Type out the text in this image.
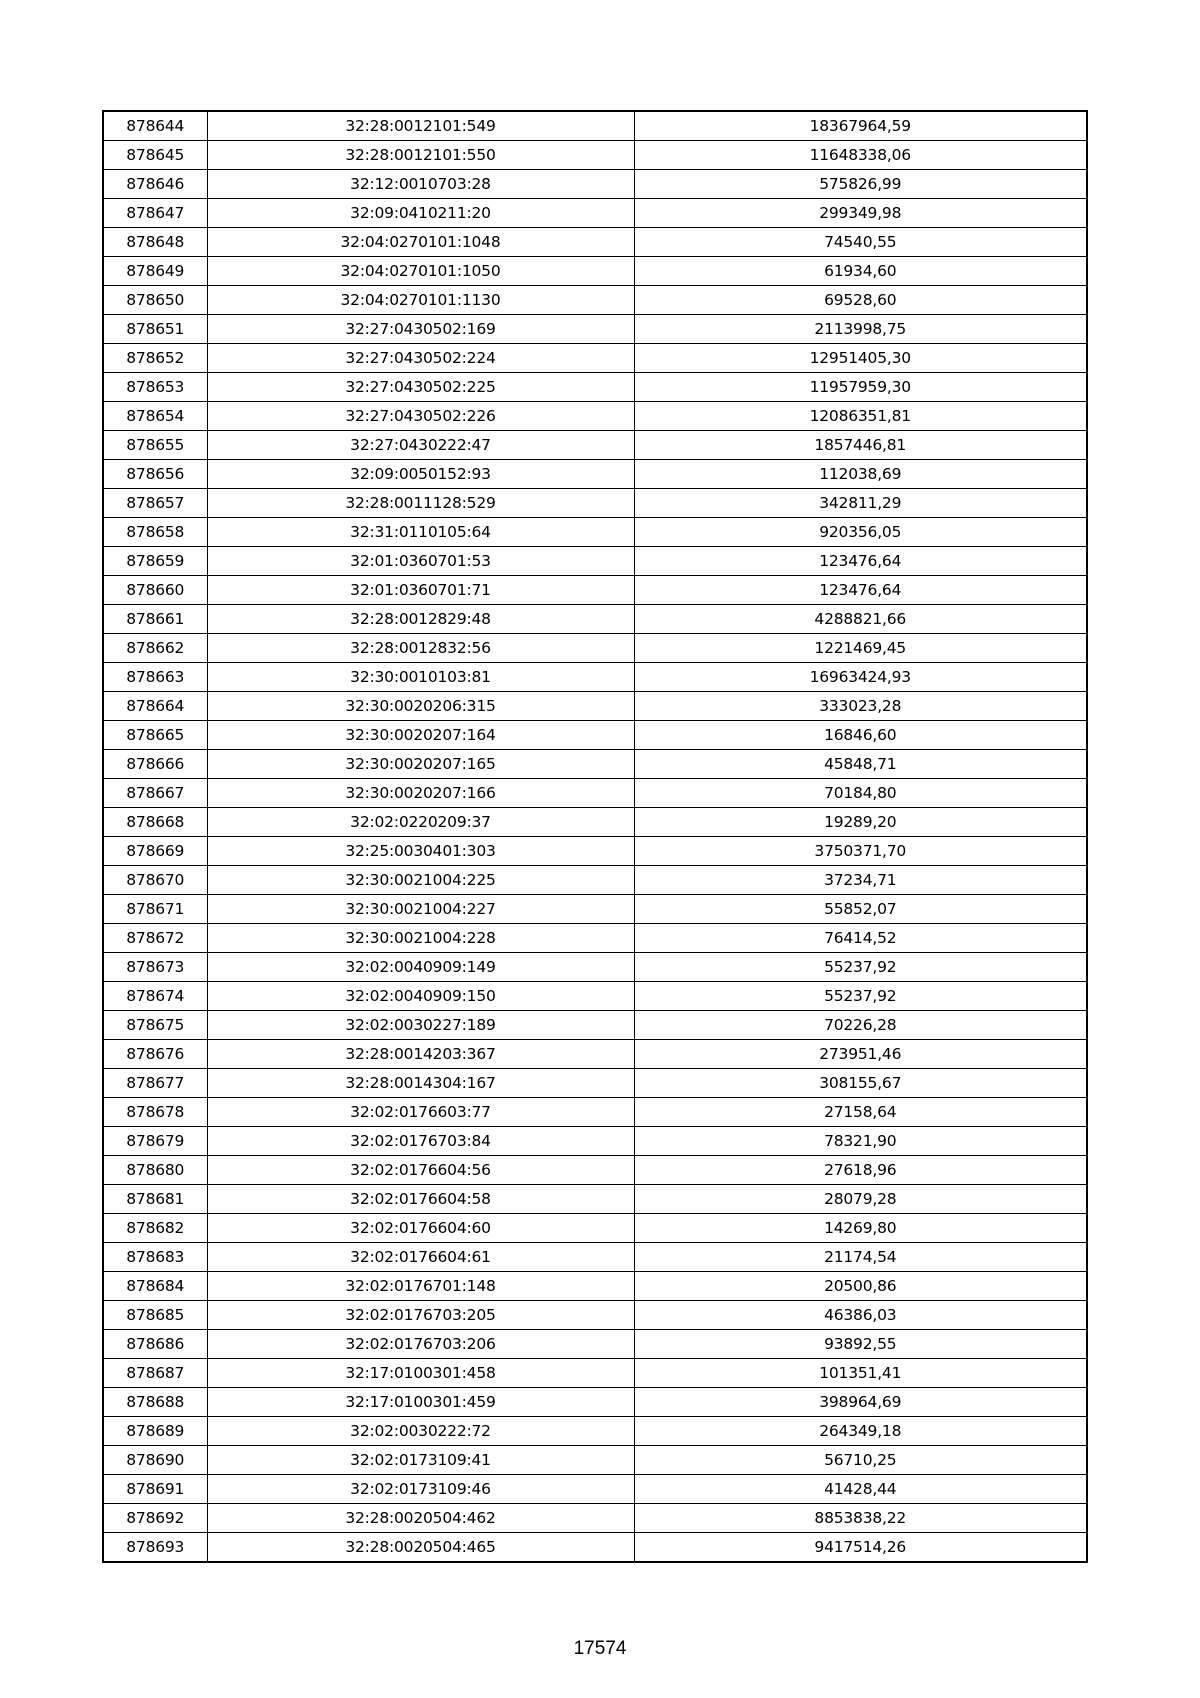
878644	32:28:0012101:549	18367964,59
878645	32:28:0012101:550	11648338,06
878646	32:12:0010703:28	575826,99
878647	32:09:0410211:20	299349,98
878648	32:04:0270101:1048	74540,55
878649	32:04:0270101:1050	61934,60
878650	32:04:0270101:1130	69528,60
878651	32:27:0430502:169	2113998,75
878652	32:27:0430502:224	12951405,30
878653	32:27:0430502:225	11957959,30
878654	32:27:0430502:226	12086351,81
878655	32:27:0430222:47	1857446,81
878656	32:09:0050152:93	112038,69
878657	32:28:0011128:529	342811,29
878658	32:31:0110105:64	920356,05
878659	32:01:0360701:53	123476,64
878660	32:01:0360701:71	123476,64
878661	32:28:0012829:48	4288821,66
878662	32:28:0012832:56	1221469,45
878663	32:30:0010103:81	16963424,93
878664	32:30:0020206:315	333023,28
878665	32:30:0020207:164	16846,60
878666	32:30:0020207:165	45848,71
878667	32:30:0020207:166	70184,80
878668	32:02:0220209:37	19289,20
878669	32:25:0030401:303	3750371,70
878670	32:30:0021004:225	37234,71
878671	32:30:0021004:227	55852,07
878672	32:30:0021004:228	76414,52
878673	32:02:0040909:149	55237,92
878674	32:02:0040909:150	55237,92
878675	32:02:0030227:189	70226,28
878676	32:28:0014203:367	273951,46
878677	32:28:0014304:167	308155,67
878678	32:02:0176603:77	27158,64
878679	32:02:0176703:84	78321,90
878680	32:02:0176604:56	27618,96
878681	32:02:0176604:58	28079,28
878682	32:02:0176604:60	14269,80
878683	32:02:0176604:61	21174,54
878684	32:02:0176701:148	20500,86
878685	32:02:0176703:205	46386,03
878686	32:02:0176703:206	93892,55
878687	32:17:0100301:458	101351,41
878688	32:17:0100301:459	398964,69
878689	32:02:0030222:72	264349,18
878690	32:02:0173109:41	56710,25
878691	32:02:0173109:46	41428,44
878692	32:28:0020504:462	8853838,22
878693	32:28:0020504:465	9417514,26
17574
